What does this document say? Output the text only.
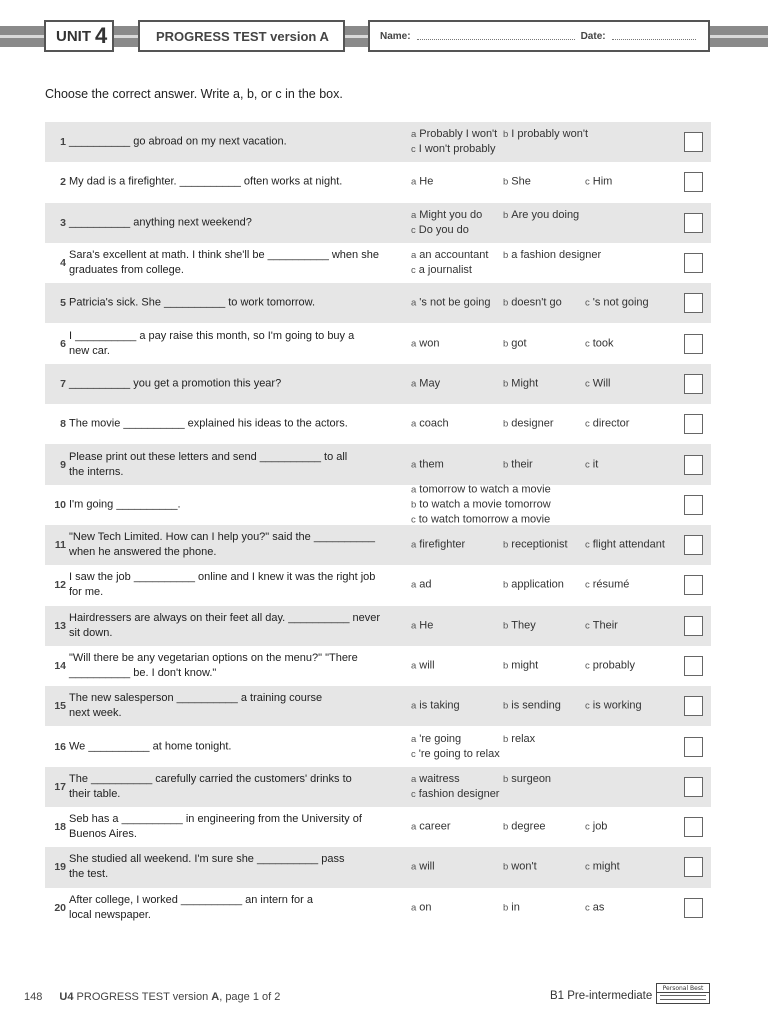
UNIT 4	PROGRESS TEST version A	Name:	Date:
Choose the correct answer. Write a, b, or c in the box.
1 __________ go abroad on my next vacation.
a Probably I won't b I probably won't
c I won't probably
2 My dad is a firefighter. __________ often works at night.	a He	b She	c Him
3 __________ anything next weekend?
a Might you do	b Are you doing
c Do you do
4
Sara's excellent at math. I think she'll be __________ when she
graduates from college.
a an accountant	b a fashion designer
c a journalist
5 Patricia's sick. She __________ to work tomorrow.	a 's not be going	b doesn't go	c 's not going
6
I __________ a pay raise this month, so I'm going to buy a
new car.
a won	b got	c took
7 __________ you get a promotion this year?	a May	b Might	c Will
8 The movie __________ explained his ideas to the actors.	a coach	b designer	c director
9
Please print out these letters and send __________ to all
the interns.
a them	b their	c it
10 I'm going __________.
a tomorrow to watch a movie
b to watch a movie tomorrow
c to watch tomorrow a movie
11
"New Tech Limited. How can I help you?" said the __________
when he answered the phone.
a firefighter	b receptionist	c flight attendant
12
I saw the job __________ online and I knew it was the right job
for me.
a ad	b application	c résumé
13
Hairdressers are always on their feet all day. __________ never
sit down.
a He	b They	c Their
14
"Will there be any vegetarian options on the menu?" "There
__________ be. I don't know."
a will	b might	c probably
15
The new salesperson __________ a training course
next week.
a is taking	b is sending	c is working
16 We __________ at home tonight.
a 're going	b relax
c 're going to relax
17
The __________ carefully carried the customers' drinks to
their table.
a waitress	b surgeon
c fashion designer
18
Seb has a __________ in engineering from the University of
Buenos Aires.
a career	b degree	c job
19
She studied all weekend. I'm sure she __________ pass
the test.
a will	b won't	c might
20
After college, I worked __________ an intern for a
local newspaper.
a on	b in	c as
148 U4 PROGRESS TEST version A, page 1 of 2	B1 Pre-intermediate
Personal Best
